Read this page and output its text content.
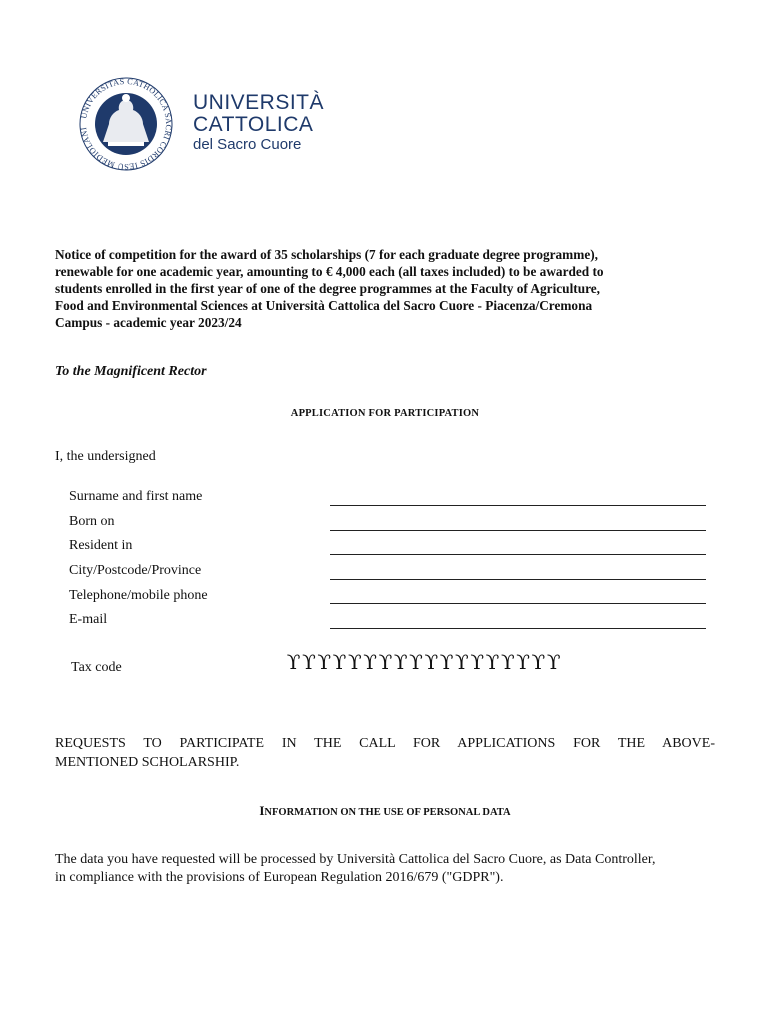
UNIVERSITAS CATHOLICA SACRI CORDIS IESU MEDIOLANI
UNIVERSITÀ
CATTOLICA
del Sacro Cuore
Notice of competition for the award of 35 scholarships (7 for each graduate degree programme),
renewable for one academic year, amounting to € 4,000 each (all taxes included) to be awarded to
students enrolled in the first year of one of the degree programmes at the Faculty of Agriculture,
Food and Environmental Sciences at Università Cattolica del Sacro Cuore - Piacenza/Cremona
Campus - academic year 2023/24
To the Magnificent Rector
APPLICATION FOR PARTICIPATION
I, the undersigned
Surname and first name
Born on
Resident in
City/Postcode/Province
Telephone/mobile phone
E-mail
Tax code	ϒ ϒ ϒ ϒ ϒ ϒ ϒ ϒ ϒ ϒ ϒ ϒ ϒ ϒ ϒ ϒ ϒ ϒ
REQUESTS TO PARTICIPATE IN THE CALL FOR APPLICATIONS FOR THE ABOVE-
MENTIONED SCHOLARSHIP.
INFORMATION ON THE USE OF PERSONAL DATA
The data you have requested will be processed by Università Cattolica del Sacro Cuore, as Data Controller,
in compliance with the provisions of European Regulation 2016/679 ("GDPR").
